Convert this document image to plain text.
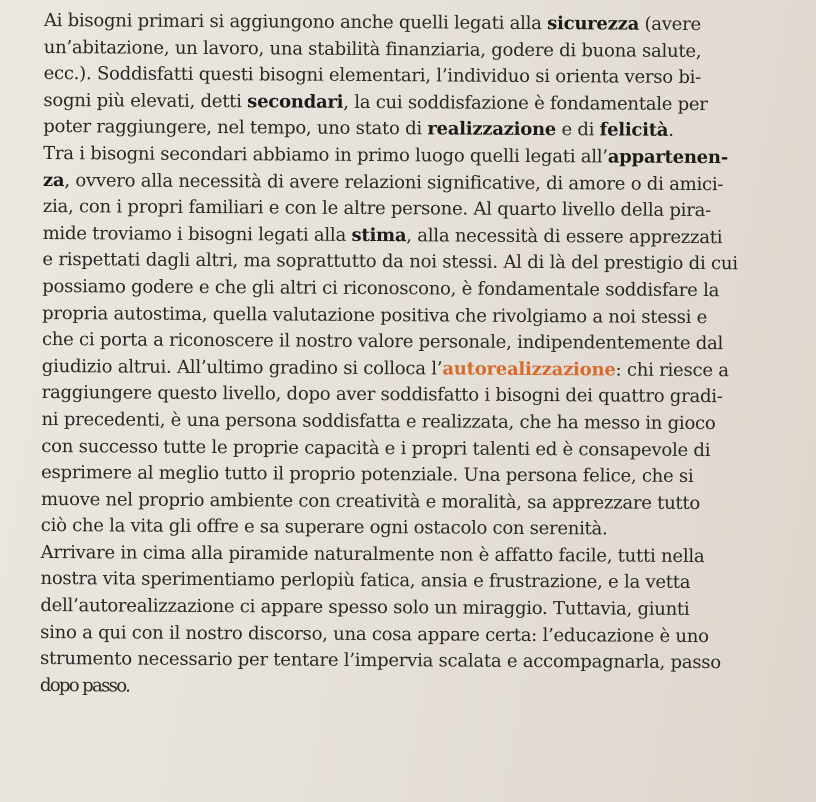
Ai bisogni primari si aggiungono anche quelli legati alla sicurezza (avere
un’abitazione, un lavoro, una stabilità finanziaria, godere di buona salute,
ecc.). Soddisfatti questi bisogni elementari, l’individuo si orienta verso bi-
sogni più elevati, detti secondari, la cui soddisfazione è fondamentale per
poter raggiungere, nel tempo, uno stato di realizzazione e di felicità.
Tra i bisogni secondari abbiamo in primo luogo quelli legati all’appartenen-
za, ovvero alla necessità di avere relazioni significative, di amore o di amici-
zia, con i propri familiari e con le altre persone. Al quarto livello della pira-
mide troviamo i bisogni legati alla stima, alla necessità di essere apprezzati
e rispettati dagli altri, ma soprattutto da noi stessi. Al di là del prestigio di cui
possiamo godere e che gli altri ci riconoscono, è fondamentale soddisfare la
propria autostima, quella valutazione positiva che rivolgiamo a noi stessi e
che ci porta a riconoscere il nostro valore personale, indipendentemente dal
giudizio altrui. All’ultimo gradino si colloca l’autorealizzazione: chi riesce a
raggiungere questo livello, dopo aver soddisfatto i bisogni dei quattro gradi-
ni precedenti, è una persona soddisfatta e realizzata, che ha messo in gioco
con successo tutte le proprie capacità e i propri talenti ed è consapevole di
esprimere al meglio tutto il proprio potenziale. Una persona felice, che si
muove nel proprio ambiente con creatività e moralità, sa apprezzare tutto
ciò che la vita gli offre e sa superare ogni ostacolo con serenità.
Arrivare in cima alla piramide naturalmente non è affatto facile, tutti nella
nostra vita sperimentiamo perlopiù fatica, ansia e frustrazione, e la vetta
dell’autorealizzazione ci appare spesso solo un miraggio. Tuttavia, giunti
sino a qui con il nostro discorso, una cosa appare certa: l’educazione è uno
strumento necessario per tentare l’impervia scalata e accompagnarla, passo
dopo passo.
